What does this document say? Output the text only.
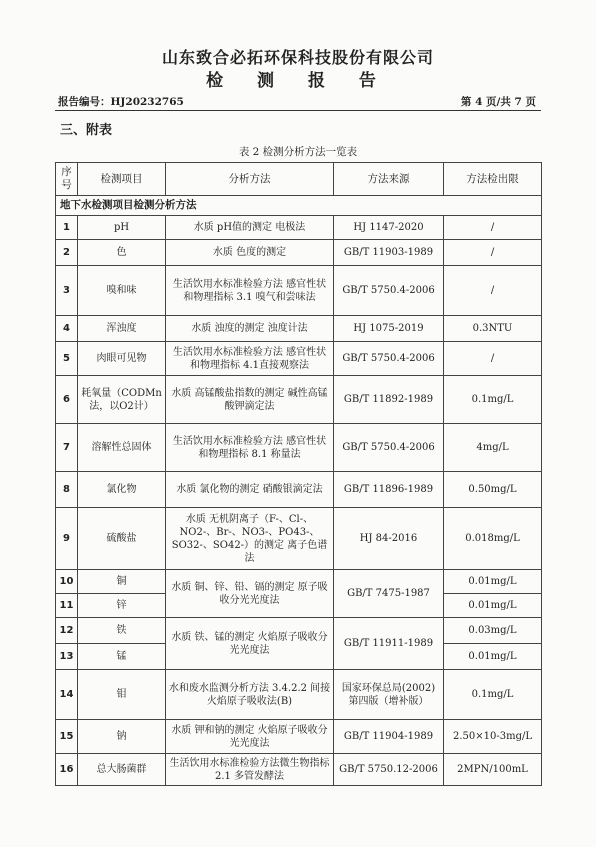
山东致合必拓环保科技股份有限公司
检 测 报 告
报告编号：HJ20232765	第 4 页/共 7 页
三、附表
表 2 检测分析方法一览表
序号	检测项目	分析方法	方法来源	方法检出限
地下水检测项目检测分析方法				
1	pH	水质 pH值的测定 电极法	HJ 1147-2020	/
2	色	水质 色度的测定	GB/T 11903-1989	/
3	嗅和味	生活饮用水标准检验方法 感官性状和物理指标 3.1 嗅气和尝味法	GB/T 5750.4-2006	/
4	浑浊度	水质 浊度的测定 浊度计法	HJ 1075-2019	0.3NTU
5	肉眼可见物	生活饮用水标准检验方法 感官性状和物理指标 4.1直接观察法	GB/T 5750.4-2006	/
6	耗氧量（CODMn法，以O2计）	水质 高锰酸盐指数的测定 碱性高锰酸钾滴定法	GB/T 11892-1989	0.1mg/L
7	溶解性总固体	生活饮用水标准检验方法 感官性状和物理指标 8.1 称量法	GB/T 5750.4-2006	4mg/L
8	氯化物	水质 氯化物的测定 硝酸银滴定法	GB/T 11896-1989	0.50mg/L
9	硫酸盐	水质 无机阴离子（F-、Cl-、NO2-、Br-、NO3-、PO43-、SO32-、SO42-）的测定 离子色谱法	HJ 84-2016	0.018mg/L
10	铜	水质 铜、锌、铅、镉的测定 原子吸收分光光度法	GB/T 7475-1987	0.01mg/L
11	锌			0.01mg/L
12	铁	水质 铁、锰的测定 火焰原子吸收分光光度法	GB/T 11911-1989	0.03mg/L
13	锰			0.01mg/L
14	钼	水和废水监测分析方法 3.4.2.2 间接火焰原子吸收法(B)	国家环保总局(2002) 第四版（增补版）	0.1mg/L
15	钠	水质 钾和钠的测定 火焰原子吸收分光光度法	GB/T 11904-1989	2.50×10-3mg/L
16	总大肠菌群	生活饮用水标准检验方法微生物指标 2.1 多管发酵法	GB/T 5750.12-2006	2MPN/100mL
